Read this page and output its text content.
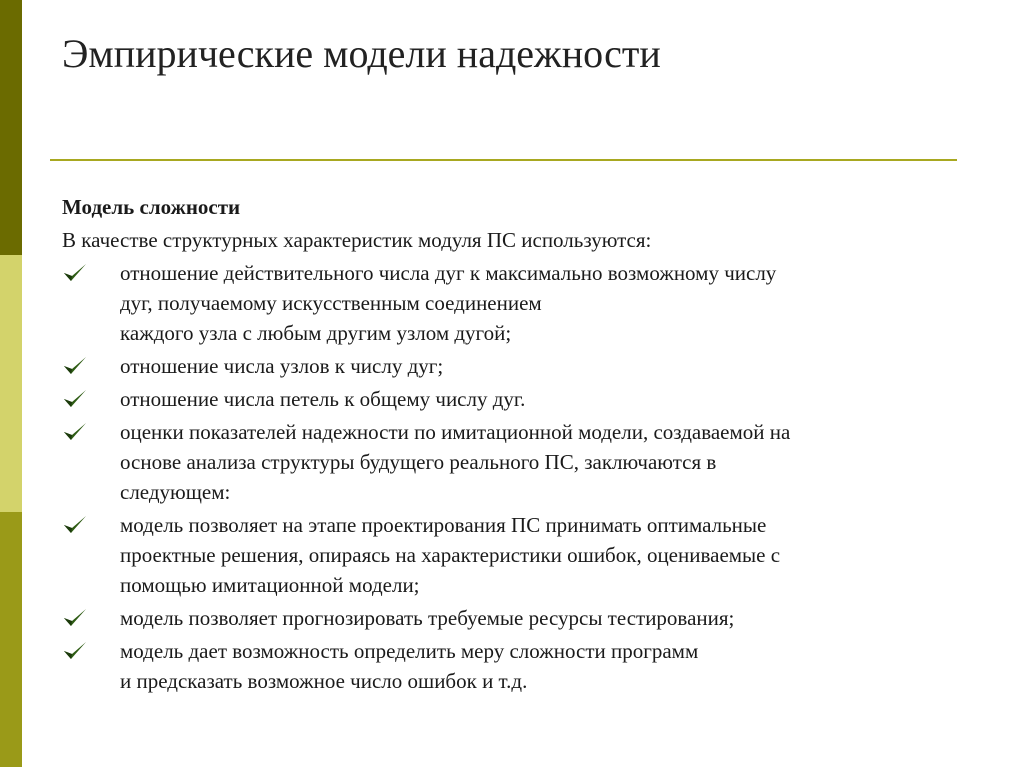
Эмпирические модели надежности
Модель сложности
В качестве структурных характеристик модуля ПС используются:
отношение действительного числа дуг к максимально возможному числу
дуг, получаемому искусственным соединением
каждого узла с любым другим узлом дугой;
отношение числа узлов к числу дуг;
отношение числа петель к общему числу дуг.
оценки показателей надежности по имитационной модели, создаваемой на
основе анализа структуры будущего реального ПС, заключаются в
следующем:
модель позволяет на этапе проектирования ПС принимать оптимальные
проектные решения, опираясь на характеристики ошибок, оцениваемые с
помощью имитационной модели;
модель позволяет прогнозировать требуемые ресурсы тестирования;
модель дает возможность определить меру сложности программ
и предсказать возможное число ошибок и т.д.
